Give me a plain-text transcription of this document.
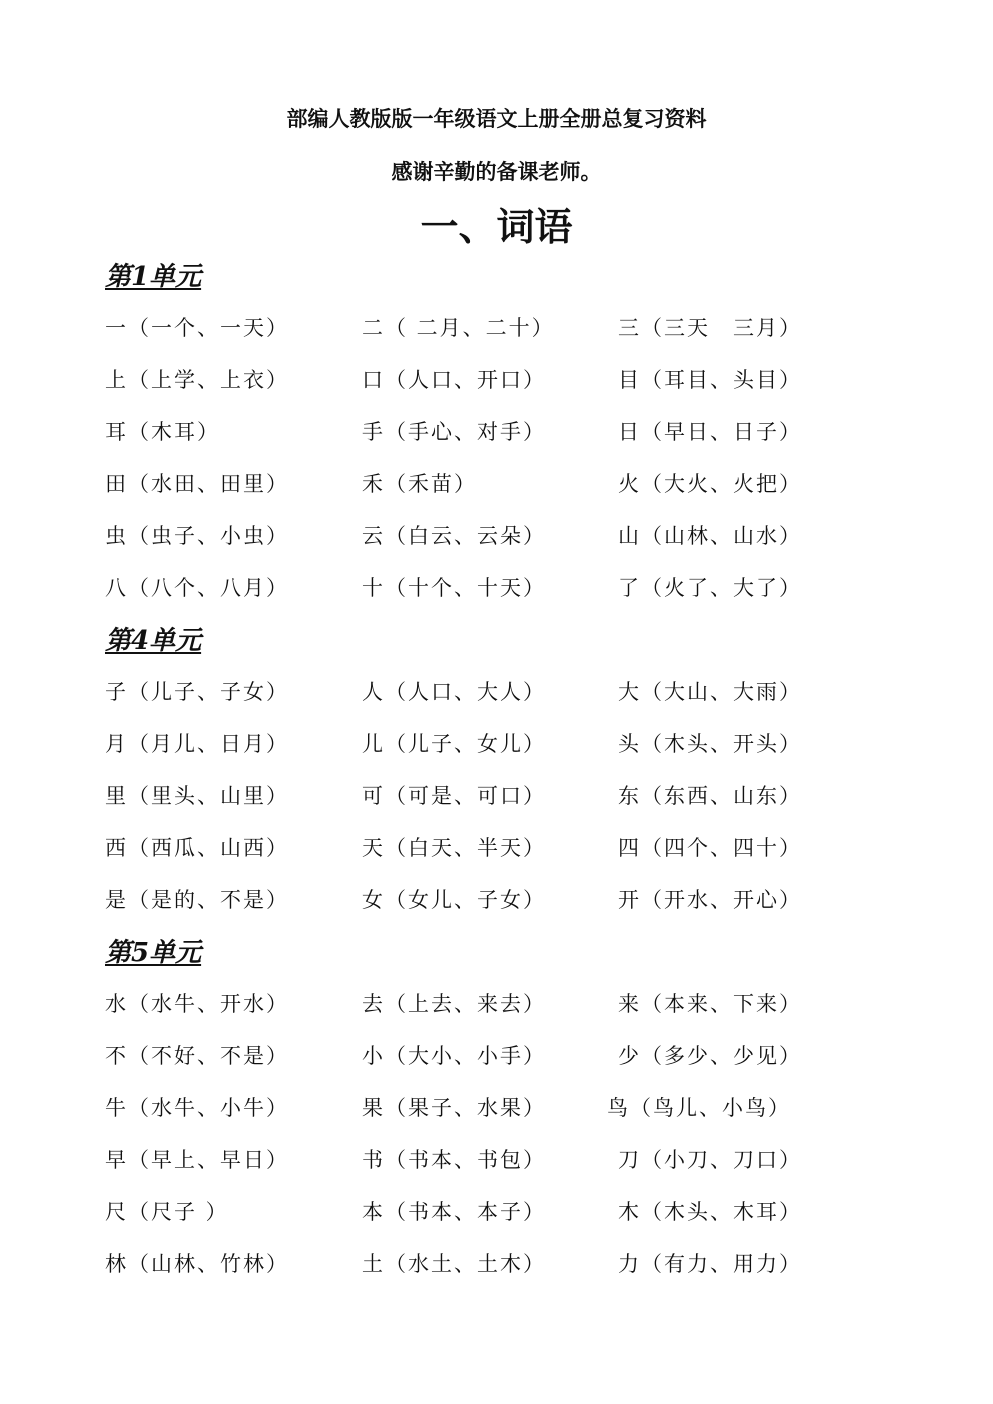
部编人教版版一年级语文上册全册总复习资料
感谢辛勤的备课老师。
一、词语
第1单元
一（一个、一天）	二（ 二月、二十）	三（三天　三月）
上（上学、上衣）	口（人口、开口）	目（耳目、头目）
耳（木耳）	手（手心、对手）	日（早日、日子）
田（水田、田里）	禾（禾苗）	火（大火、火把）
虫（虫子、小虫）	云（白云、云朵）	山（山林、山水）
八（八个、八月）	十（十个、十天）	了（火了、大了）
第4单元
子（儿子、子女）	人（人口、大人）	大（大山、大雨）
月（月儿、日月）	儿（儿子、女儿）	头（木头、开头）
里（里头、山里）	可（可是、可口）	东（东西、山东）
西（西瓜、山西）	天（白天、半天）	四（四个、四十）
是（是的、不是）	女（女儿、子女）	开（开水、开心）
第5单元
水（水牛、开水）	去（上去、来去）	来（本来、下来）
不（不好、不是）	小（大小、小手）	少（多少、少见）
牛（水牛、小牛）	果（果子、水果）	鸟（鸟儿、小鸟）
早（早上、早日）	书（书本、书包）	刀（小刀、刀口）
尺（尺子 ）	本（书本、本子）	木（木头、木耳）
林（山林、竹林）	土（水土、土木）	力（有力、用力）
